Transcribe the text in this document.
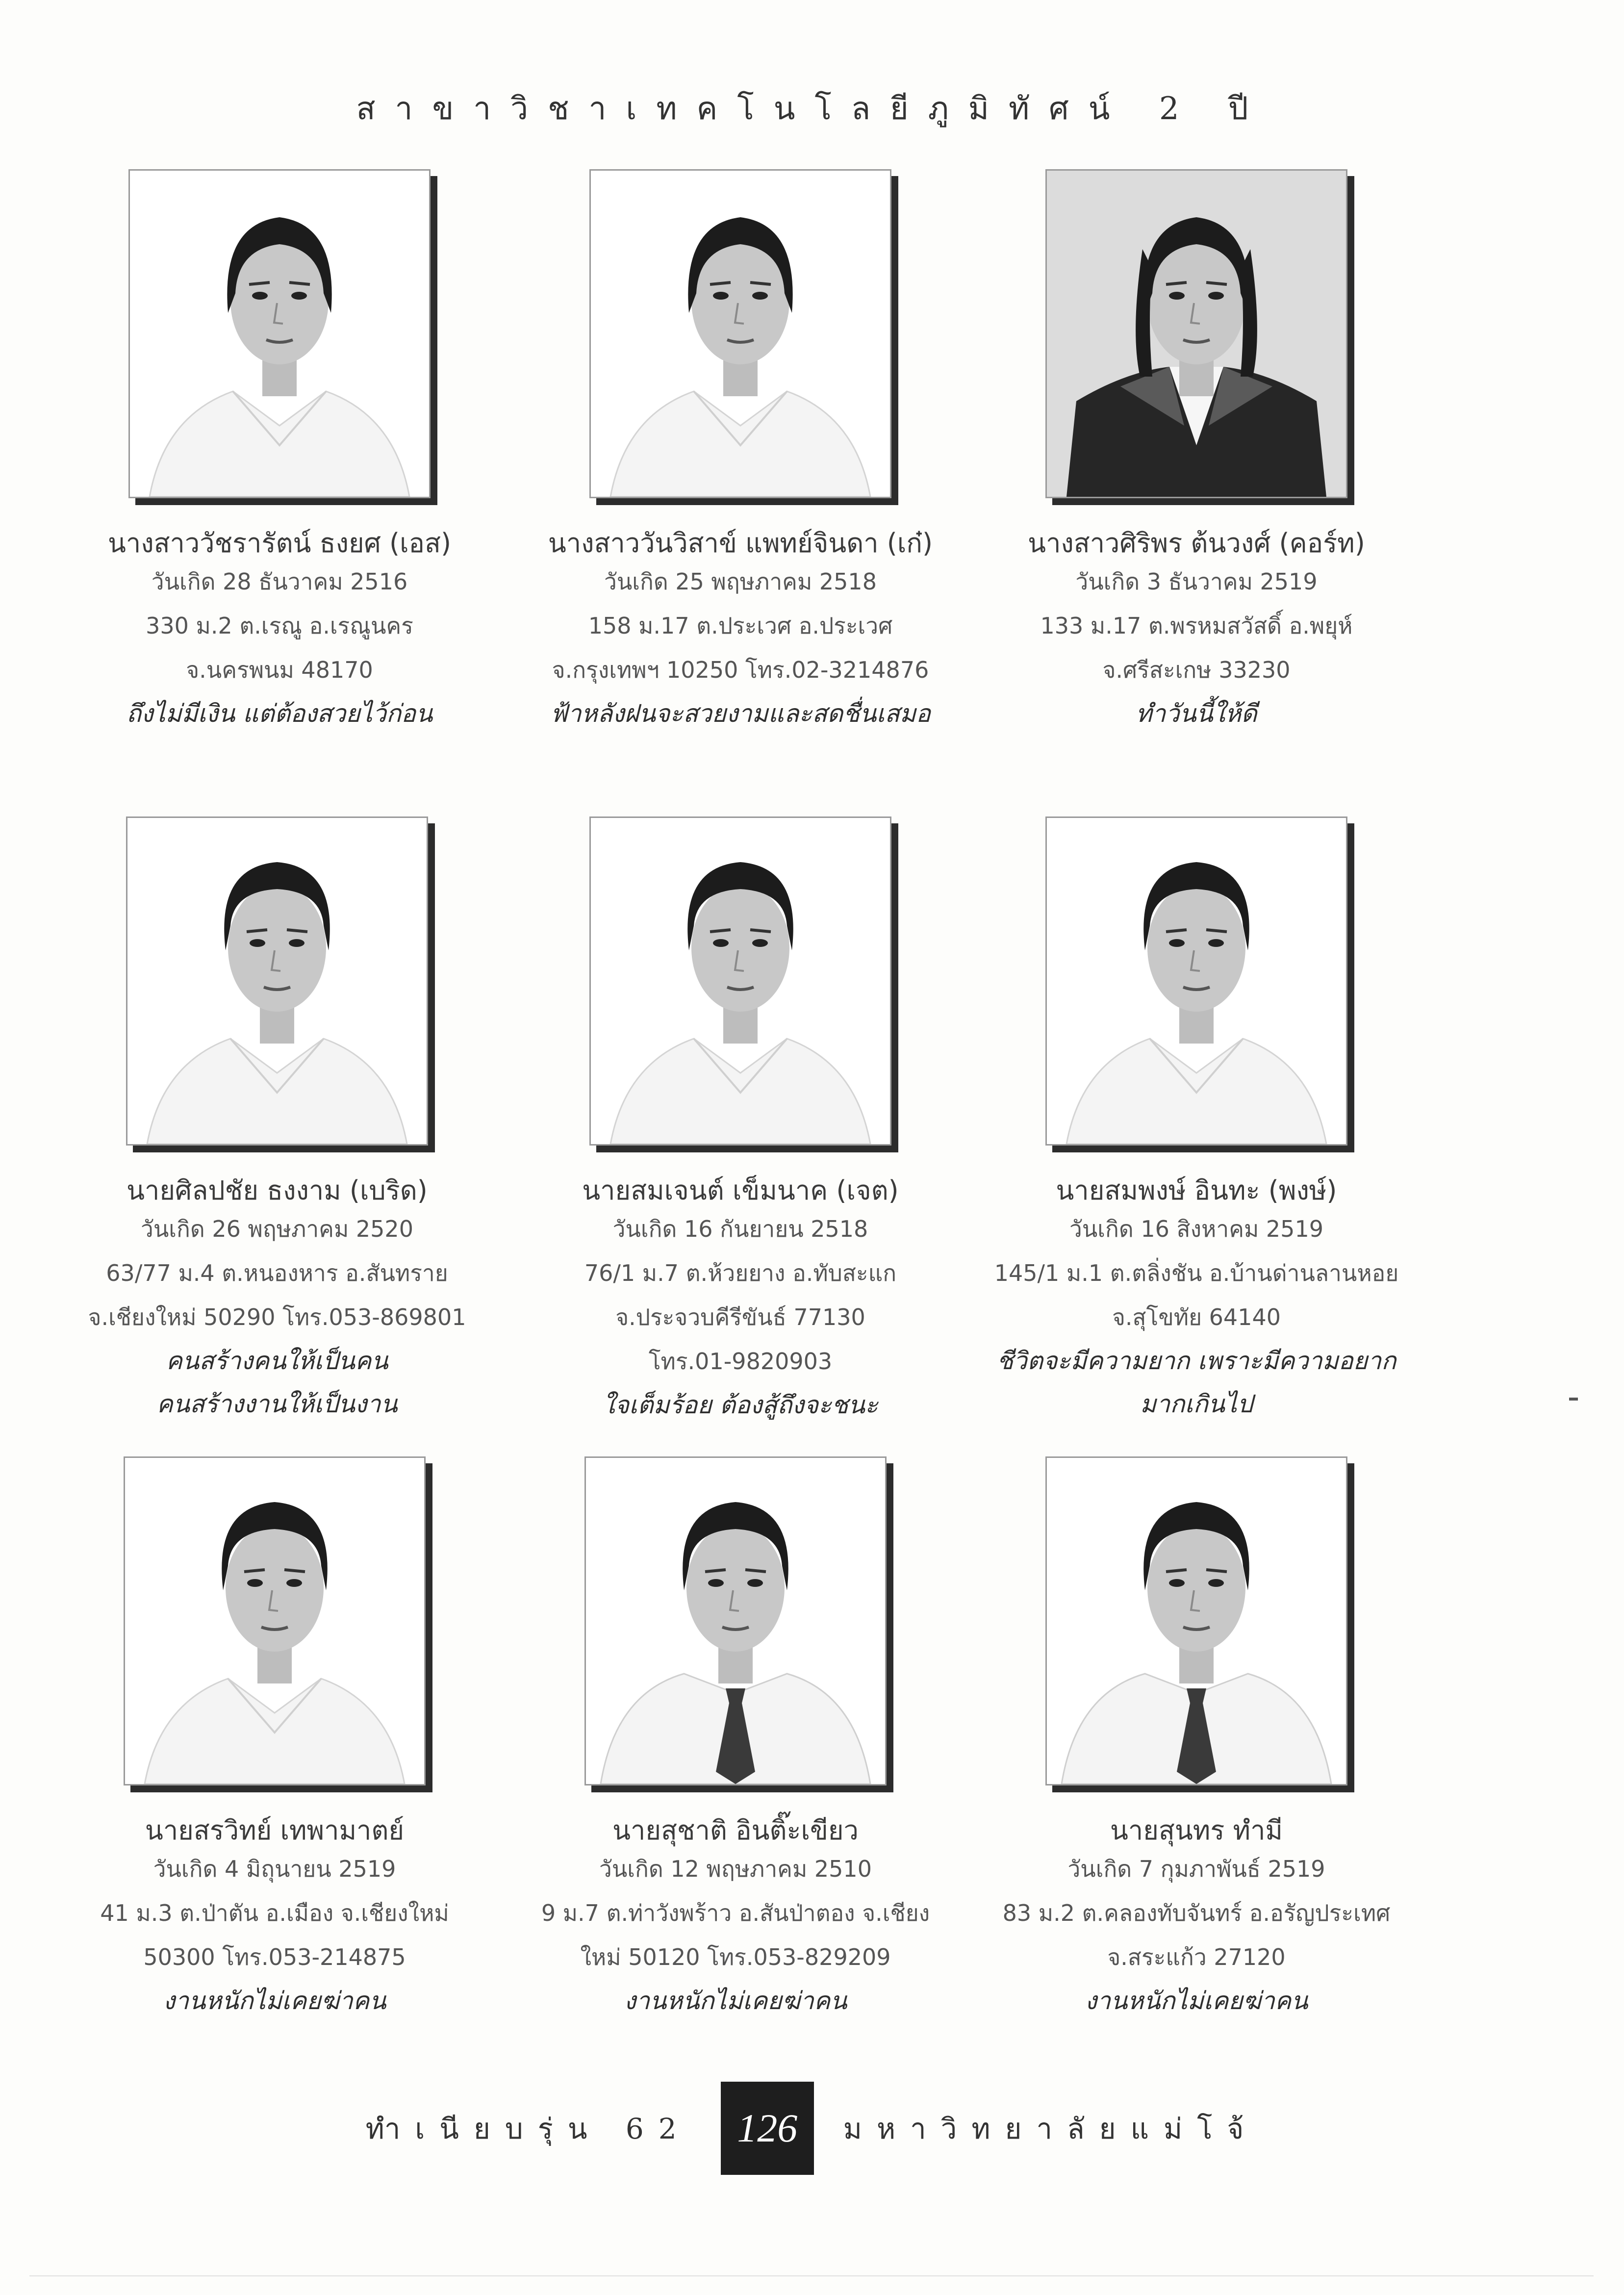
สาขาวิชาเทคโนโลยีภูมิทัศน์ 2 ปี
นางสาววัชรารัตน์ ธงยศ (เอส)
วันเกิด 28 ธันวาคม 2516
330 ม.2 ต.เรณู อ.เรณูนคร
จ.นครพนม 48170
ถึงไม่มีเงิน แต่ต้องสวยไว้ก่อน
นางสาววันวิสาข์ แพทย์จินดา (เก๋)
วันเกิด 25 พฤษภาคม 2518
158 ม.17 ต.ประเวศ อ.ประเวศ
จ.กรุงเทพฯ 10250 โทร.02-3214876
ฟ้าหลังฝนจะสวยงามและสดชื่นเสมอ
นางสาวศิริพร ต้นวงศ์ (คอร์ท)
วันเกิด 3 ธันวาคม 2519
133 ม.17 ต.พรหมสวัสดิ์ อ.พยุห์
จ.ศรีสะเกษ 33230
ทำวันนี้ให้ดี
นายศิลปชัย ธงงาม (เบริด)
วันเกิด 26 พฤษภาคม 2520
63/77 ม.4 ต.หนองหาร อ.สันทราย
จ.เชียงใหม่ 50290 โทร.053-869801
คนสร้างคนให้เป็นคน
คนสร้างงานให้เป็นงาน
นายสมเจนต์ เข็มนาค (เจต)
วันเกิด 16 กันยายน 2518
76/1 ม.7 ต.ห้วยยาง อ.ทับสะแก
จ.ประจวบคีรีขันธ์ 77130
โทร.01-9820903
ใจเต็มร้อย ต้องสู้ถึงจะชนะ
นายสมพงษ์ อินทะ (พงษ์)
วันเกิด 16 สิงหาคม 2519
145/1 ม.1 ต.ตลิ่งชัน อ.บ้านด่านลานหอย
จ.สุโขทัย 64140
ชีวิตจะมีความยาก เพราะมีความอยาก
มากเกินไป
นายสรวิทย์ เทพามาตย์
วันเกิด 4 มิถุนายน 2519
41 ม.3 ต.ป่าตัน อ.เมือง จ.เชียงใหม่
50300 โทร.053-214875
งานหนักไม่เคยฆ่าคน
นายสุชาติ อินติ๊ะเขียว
วันเกิด 12 พฤษภาคม 2510
9 ม.7 ต.ท่าวังพร้าว อ.สันป่าตอง จ.เชียง
ใหม่ 50120 โทร.053-829209
งานหนักไม่เคยฆ่าคน
นายสุนทร ทำมี
วันเกิด 7 กุมภาพันธ์ 2519
83 ม.2 ต.คลองทับจันทร์ อ.อรัญประเทศ
จ.สระแก้ว 27120
งานหนักไม่เคยฆ่าคน
ทำเนียบรุ่น 62	126	มหาวิทยาลัยแม่โจ้
